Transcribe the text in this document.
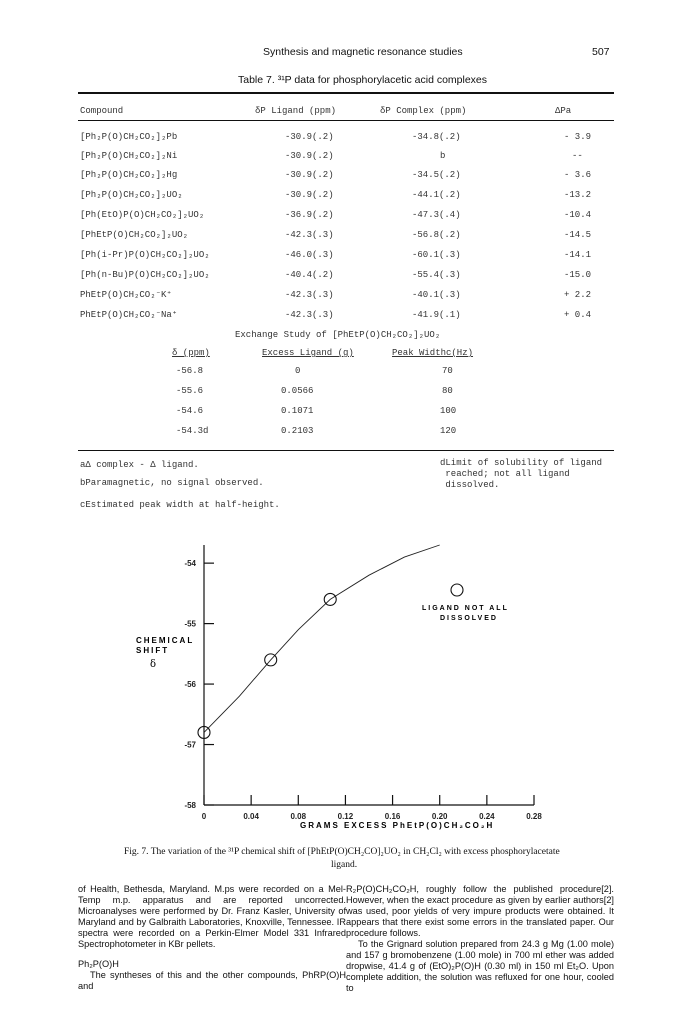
Synthesis and magnetic resonance studies	507
Table 7. ³¹P data for phosphorylacetic acid complexes
Compound	δP Ligand (ppm)	δP Complex (ppm)	ΔPa
[Ph₂P(O)CH₂CO₂]₂Pb	-30.9(.2)	-34.8(.2)	- 3.9
[Ph₂P(O)CH₂CO₂]₂Ni	-30.9(.2)	b	--
[Ph₂P(O)CH₂CO₂]₂Hg	-30.9(.2)	-34.5(.2)	- 3.6
[Ph₂P(O)CH₂CO₂]₂UO₂	-30.9(.2)	-44.1(.2)	-13.2
[Ph(EtO)P(O)CH₂CO₂]₂UO₂	-36.9(.2)	-47.3(.4)	-10.4
[PhEtP(O)CH₂CO₂]₂UO₂	-42.3(.3)	-56.8(.2)	-14.5
[Ph(i-Pr)P(O)CH₂CO₂]₂UO₂	-46.0(.3)	-60.1(.3)	-14.1
[Ph(n-Bu)P(O)CH₂CO₂]₂UO₂	-40.4(.2)	-55.4(.3)	-15.0
PhEtP(O)CH₂CO₂⁻K⁺	-42.3(.3)	-40.1(.3)	+ 2.2
PhEtP(O)CH₂CO₂⁻Na⁺	-42.3(.3)	-41.9(.1)	+ 0.4
Exchange Study of [PhEtP(O)CH₂CO₂]₂UO₂
δ (ppm)	Excess Ligand (g)	Peak Widthc(Hz)
-56.8	0	70
-55.6	0.0566	80
-54.6	0.1071	100
-54.3d	0.2103	120
aΔ complex - Δ ligand.
bParamagnetic, no signal observed.
dLimit of solubility of ligand
reached; not all ligand
dissolved.
cEstimated peak width at half-height.
-54
-55
-56
-57
-58
0	0.04	0.08	0.12	0.16	0.20	0.24	0.28
CHEMICAL
SHIFT
δ
GRAMS EXCESS PhEtP(O)CH₂CO₂H
LIGAND NOT ALL
DISSOLVED
Fig. 7. The variation of the ³¹P chemical shift of [PhEtP(O)CH₂CO]₂UO₂ in CH₂Cl₂ with excess phosphorylacetate
ligand.

of Health, Bethesda, Maryland. M.ps were recorded on a Mel-Temp m.p. apparatus and are reported uncorrected. Microanalyses were performed by Dr. Franz Kasler, University of Maryland and by Galbraith Laboratories, Knoxville, Tennessee. IR spectra were recorded on a Perkin-Elmer Model 331 Infrared Spectrophotometer in KBr pellets.

Ph₂P(O)H

The syntheses of this and the other compounds, PhRP(O)H and

R₂P(O)CH₂CO₂H, roughly follow the published procedure[2]. However, when the exact procedure as given by earlier authors[2] was used, poor yields of very impure products were obtained. It appears that there exist some errors in the translated paper. Our procedure follows.

To the Grignard solution prepared from 24.3 g Mg (1.00 mole) and 157 g bromobenzene (1.00 mole) in 700 ml ether was added dropwise, 41.4 g of (EtO)₂P(O)H (0.30 ml) in 150 ml Et₂O. Upon complete addition, the solution was refluxed for one hour, cooled to
